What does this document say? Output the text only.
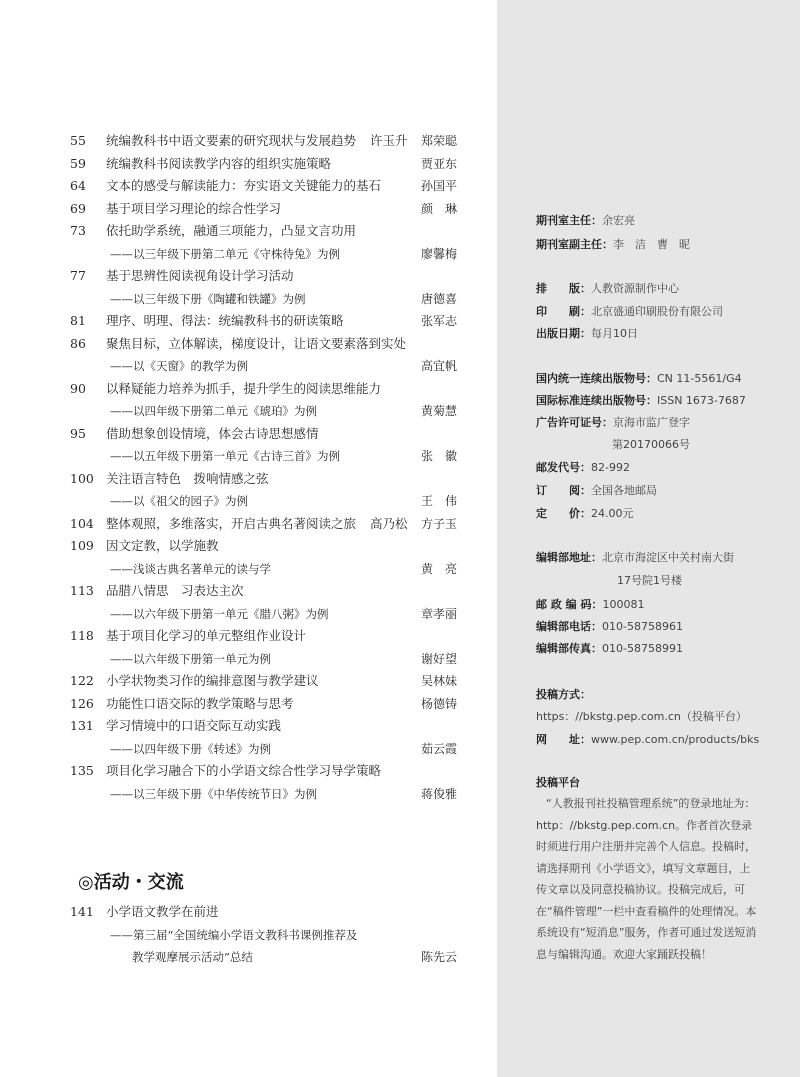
55	统编教科书中语文要素的研究现状与发展趋势 许玉升 郑荣聪
59	统编教科书阅读教学内容的组织实施策略	贾亚东
64	文本的感受与解读能力：夯实语文关键能力的基石	孙国平
69	基于项目学习理论的综合性学习	颜　琳
73	依托助学系统，融通三项能力，凸显文言功用
——以三年级下册第二单元《守株待兔》为例	廖馨梅
77	基于思辨性阅读视角设计学习活动
——以三年级下册《陶罐和铁罐》为例	唐德喜
81	理序、明理、得法：统编教科书的研读策略	张军志
86	聚焦目标，立体解读，梯度设计，让语文要素落到实处
——以《天窗》的教学为例	高宜帆
90	以释疑能力培养为抓手，提升学生的阅读思维能力
——以四年级下册第二单元《琥珀》为例	黄菊慧
95	借助想象创设情境，体会古诗思想感情
——以五年级下册第一单元《古诗三首》为例	张　徽
100 关注语言特色　拨响情感之弦
——以《祖父的园子》为例	王　伟
104 整体观照，多维落实，开启古典名著阅读之旅 高乃松 方子玉
109 因文定教，以学施教
——浅谈古典名著单元的读与学	黄　亮
113 品腊八情思　习表达主次
——以六年级下册第一单元《腊八粥》为例	章孝丽
118 基于项目化学习的单元整组作业设计
——以六年级下册第一单元为例	谢好望
122 小学状物类习作的编排意图与教学建议	吴林妹
126 功能性口语交际的教学策略与思考	杨德铸
131 学习情境中的口语交际互动实践
——以四年级下册《转述》为例	茹云霞
135 项目化学习融合下的小学语文综合性学习导学策略
——以三年级下册《中华传统节日》为例	蒋俊雅
◎活动・交流
141 小学语文教学在前进
——第三届“全国统编小学语文教科书课例推荐及
教学观摩展示活动”总结	陈先云
期刊室主任：余宏亮
期刊室副主任：李　洁　曹　昵
排　　版：人教资源制作中心
印　　刷：北京盛通印刷股份有限公司
出版日期：每月10日
国内统一连续出版物号：CN 11-5561/G4
国际标准连续出版物号：ISSN 1673-7687
广告许可证号：京海市监广登字
第20170066号
邮发代号：82-992
订　　阅：全国各地邮局
定　　价：24.00元
编辑部地址：北京市海淀区中关村南大街
17号院1号楼
邮 政 编 码：100081
编辑部电话：010-58758961
编辑部传真：010-58758991
投稿方式：
https：//bkstg.pep.com.cn（投稿平台）
网　　址：www.pep.com.cn/products/bks
投稿平台
“人教报刊社投稿管理系统”的登录地址为：http：//bkstg.pep.com.cn。作者首次登录时须进行用户注册并完善个人信息。投稿时，请选择期刊《小学语文》，填写文章题目，上传文章以及同意投稿协议。投稿完成后，可在“稿件管理”一栏中查看稿件的处理情况。本系统设有“短消息”服务，作者可通过发送短消息与编辑沟通。欢迎大家踊跃投稿！
